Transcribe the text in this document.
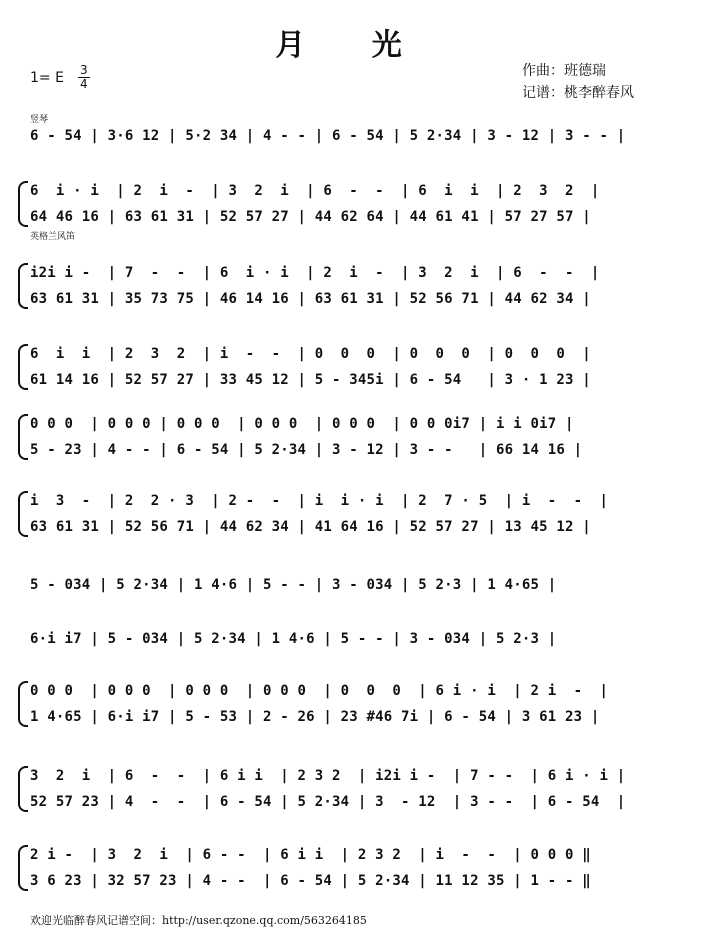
月 光
1= E $\frac{3}{4}$	作曲：班德瑞
记谱：桃李醉春风
竖琴
英格兰风笛
6 - 54 | 3·6 12 | 5·2 34 | 4 - - | 6 - 54 | 5 2·34 | 3 - 12 | 3 - - |
6  i · i  | 2  i  -  | 3  2  i  | 6  -  -  | 6  i  i  | 2  3  2  |
64 46 16 | 63 61 31 | 52 57 27 | 44 62 64 | 44 61 41 | 57 27 57 |
i2i i -  | 7  -  -  | 6  i · i  | 2  i  -  | 3  2  i  | 6  -  -  |
63 61 31 | 35 73 75 | 46 14 16 | 63 61 31 | 52 56 71 | 44 62 34 |
6  i  i  | 2  3  2  | i  -  -  | 0  0  0  | 0  0  0  | 0  0  0  |
61 14 16 | 52 57 27 | 33 45 12 | 5 - 345i | 6 - 54   | 3 · 1 23 |
0 0 0  | 0 0 0 | 0 0 0  | 0 0 0  | 0 0 0  | 0 0 0i7 | i i 0i7 |
5 - 23 | 4 - - | 6 - 54 | 5 2·34 | 3 - 12 | 3 - -   | 66 14 16 |
i  3  -  | 2  2 · 3  | 2 -  -  | i  i · i  | 2  7 · 5  | i  -  -  |
63 61 31 | 52 56 71 | 44 62 34 | 41 64 16 | 52 57 27 | 13 45 12 |
5 - 034 | 5 2·34 | 1 4·6 | 5 - - | 3 - 034 | 5 2·3 | 1 4·65 |
6·i i7 | 5 - 034 | 5 2·34 | 1 4·6 | 5 - - | 3 - 034 | 5 2·3 |
0 0 0  | 0 0 0  | 0 0 0  | 0 0 0  | 0  0  0  | 6 i · i  | 2 i  -  |
1 4·65 | 6·i i7 | 5 - 53 | 2 - 26 | 23 #46 7i | 6 - 54 | 3 61 23 |
3  2  i  | 6  -  -  | 6 i i  | 2 3 2  | i2i i -  | 7 - -  | 6 i · i |
52 57 23 | 4  -  -  | 6 - 54 | 5 2·34 | 3  - 12  | 3 - -  | 6 - 54  |
2 i -  | 3  2  i  | 6 - -  | 6 i i  | 2 3 2  | i  -  -  | 0 0 0 ‖
3 6 23 | 32 57 23 | 4 - -  | 6 - 54 | 5 2·34 | 11 12 35 | 1 - - ‖
欢迎光临醉春风记谱空间：http://user.qzone.qq.com/563264185
